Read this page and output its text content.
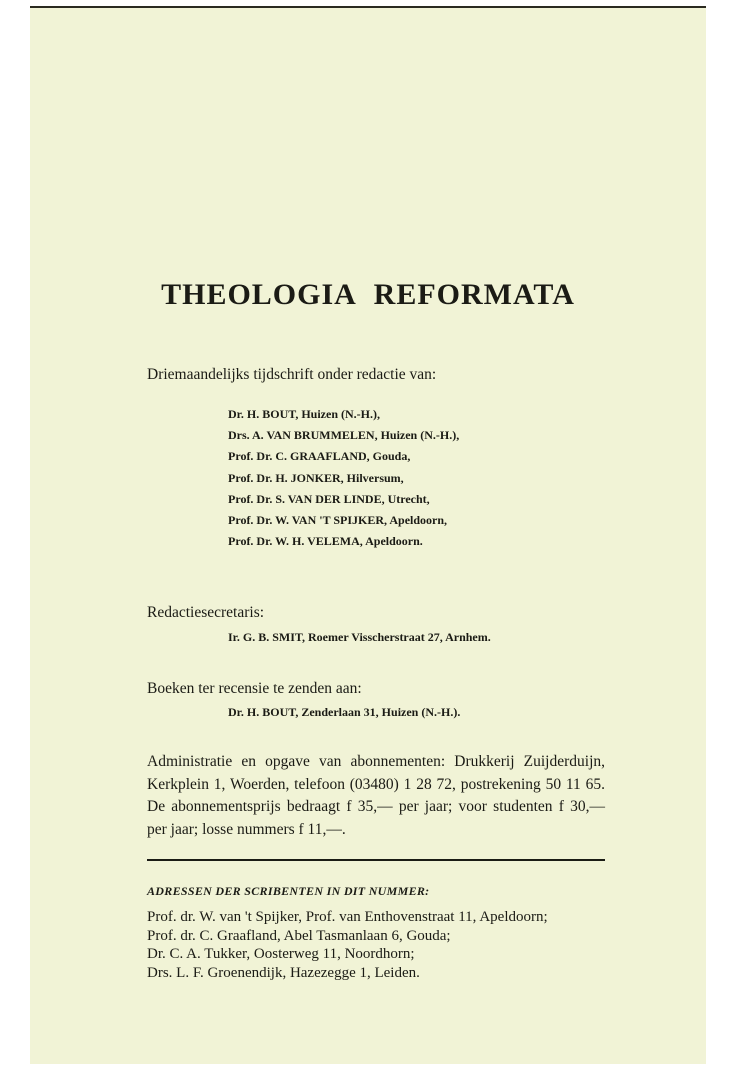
THEOLOGIA REFORMATA
Driemaandelijks tijdschrift onder redactie van:
Dr. H. BOUT, Huizen (N.-H.),
Drs. A. VAN BRUMMELEN, Huizen (N.-H.),
Prof. Dr. C. GRAAFLAND, Gouda,
Prof. Dr. H. JONKER, Hilversum,
Prof. Dr. S. VAN DER LINDE, Utrecht,
Prof. Dr. W. VAN 'T SPIJKER, Apeldoorn,
Prof. Dr. W. H. VELEMA, Apeldoorn.
Redactiesecretaris:
Ir. G. B. SMIT, Roemer Visscherstraat 27, Arnhem.
Boeken ter recensie te zenden aan:
Dr. H. BOUT, Zenderlaan 31, Huizen (N.-H.).
Administratie en opgave van abonnementen: Drukkerij Zuijderduijn, Kerkplein 1, Woerden, telefoon (03480) 1 28 72, postrekening 50 11 65. De abonnementsprijs bedraagt f 35,— per jaar; voor studenten f 30,— per jaar; losse nummers f 11,—.
ADRESSEN DER SCRIBENTEN IN DIT NUMMER:
Prof. dr. W. van 't Spijker, Prof. van Enthovenstraat 11, Apeldoorn;
Prof. dr. C. Graafland, Abel Tasmanlaan 6, Gouda;
Dr. C. A. Tukker, Oosterweg 11, Noordhorn;
Drs. L. F. Groenendijk, Hazezegge 1, Leiden.
